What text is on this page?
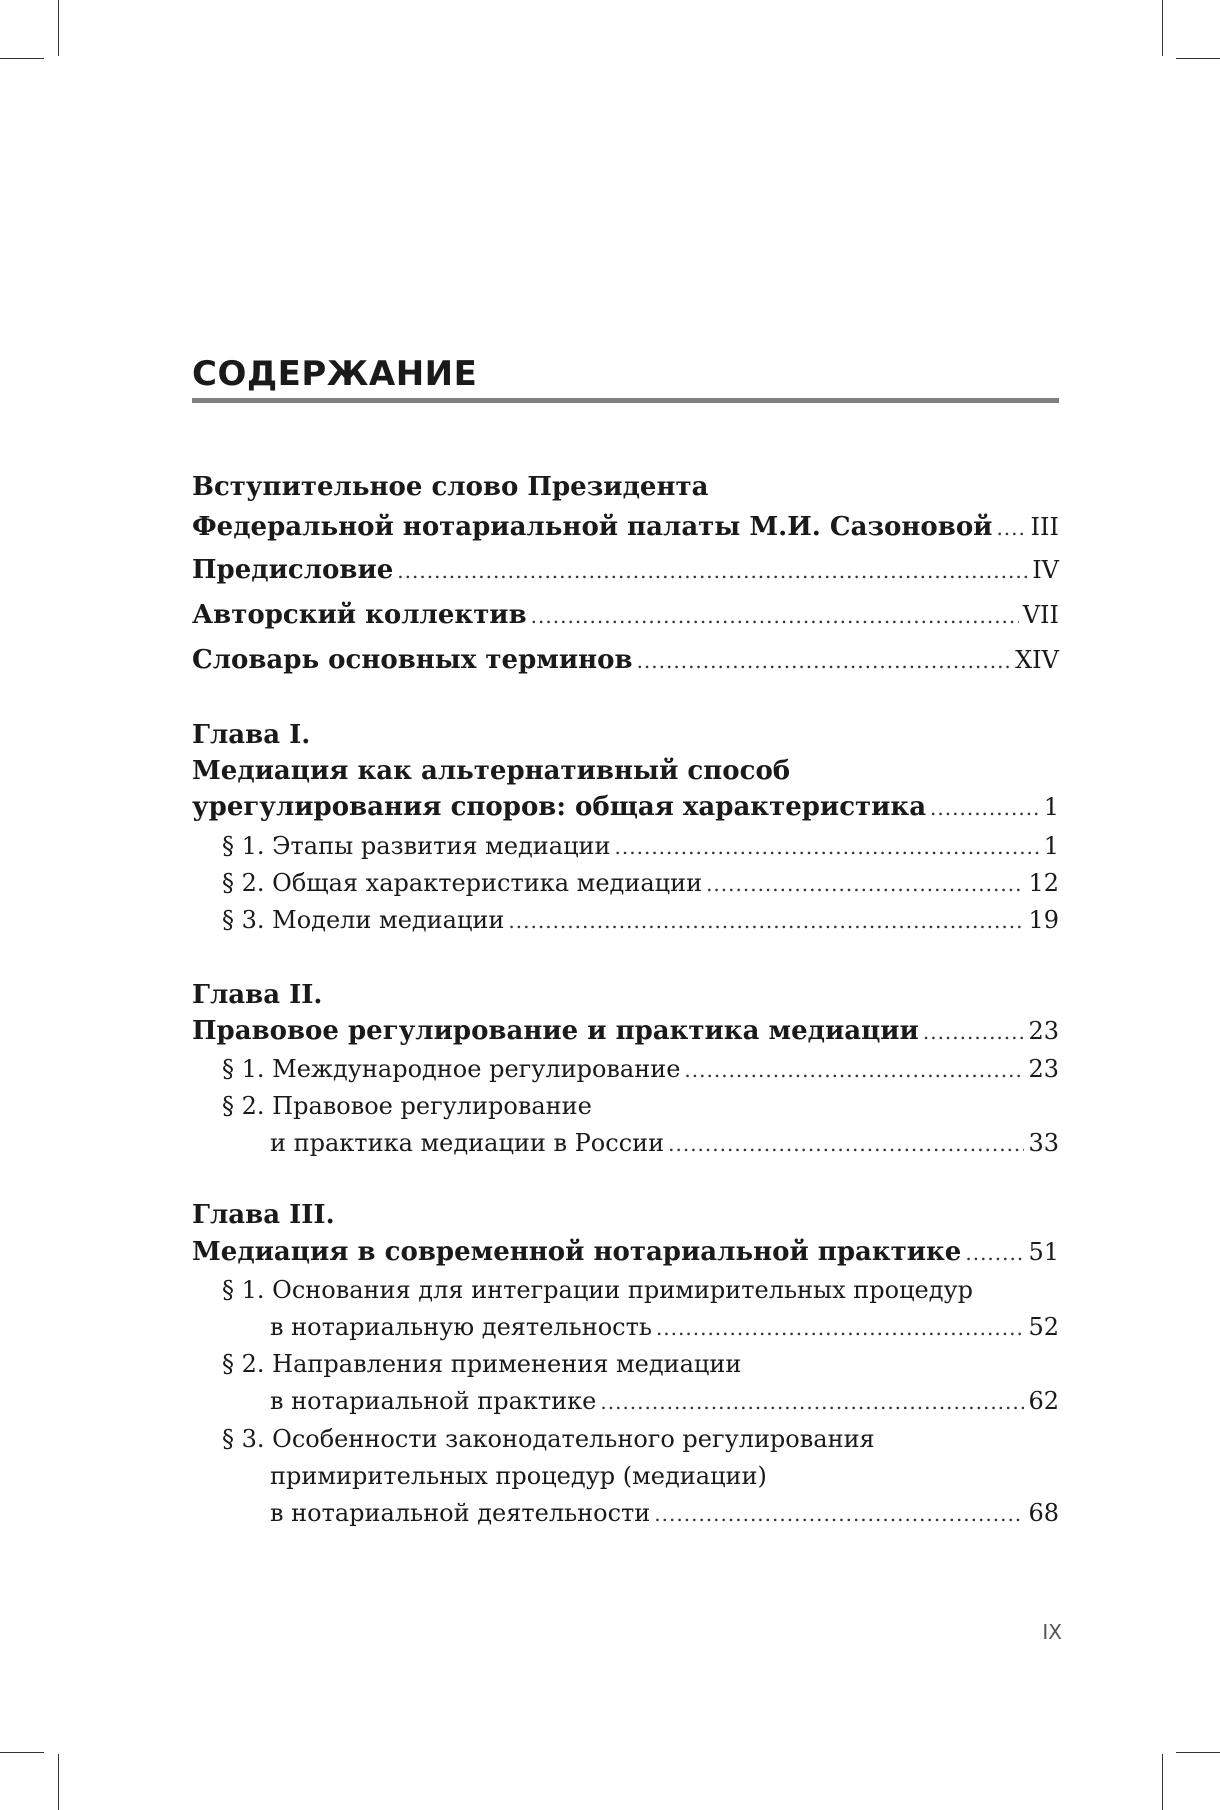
СОДЕРЖАНИЕ
Вступительное слово Президента
Федеральной нотариальной палаты М.И. Сазоновой ..... III
Предисловие .....	IV
Авторский коллектив .....	VII
Словарь основных терминов .....	XIV
Глава I.
Медиация как альтернативный способ
урегулирования споров: общая характеристика .....	1
§ 1. Этапы развития медиации .....	1
§ 2. Общая характеристика медиации .....	12
§ 3. Модели медиации .....	19
Глава II.
Правовое регулирование и практика медиации .....	23
§ 1. Международное регулирование .....	23
§ 2. Правовое регулирование
и практика медиации в России .....	33
Глава III.
Медиация в современной нотариальной практике .....	51
§ 1. Основания для интеграции примирительных процедур
в нотариальную деятельность .....	52
§ 2. Направления применения медиации
в нотариальной практике .....	62
§ 3. Особенности законодательного регулирования
примирительных процедур (медиации)
в нотариальной деятельности .....	68
IX
